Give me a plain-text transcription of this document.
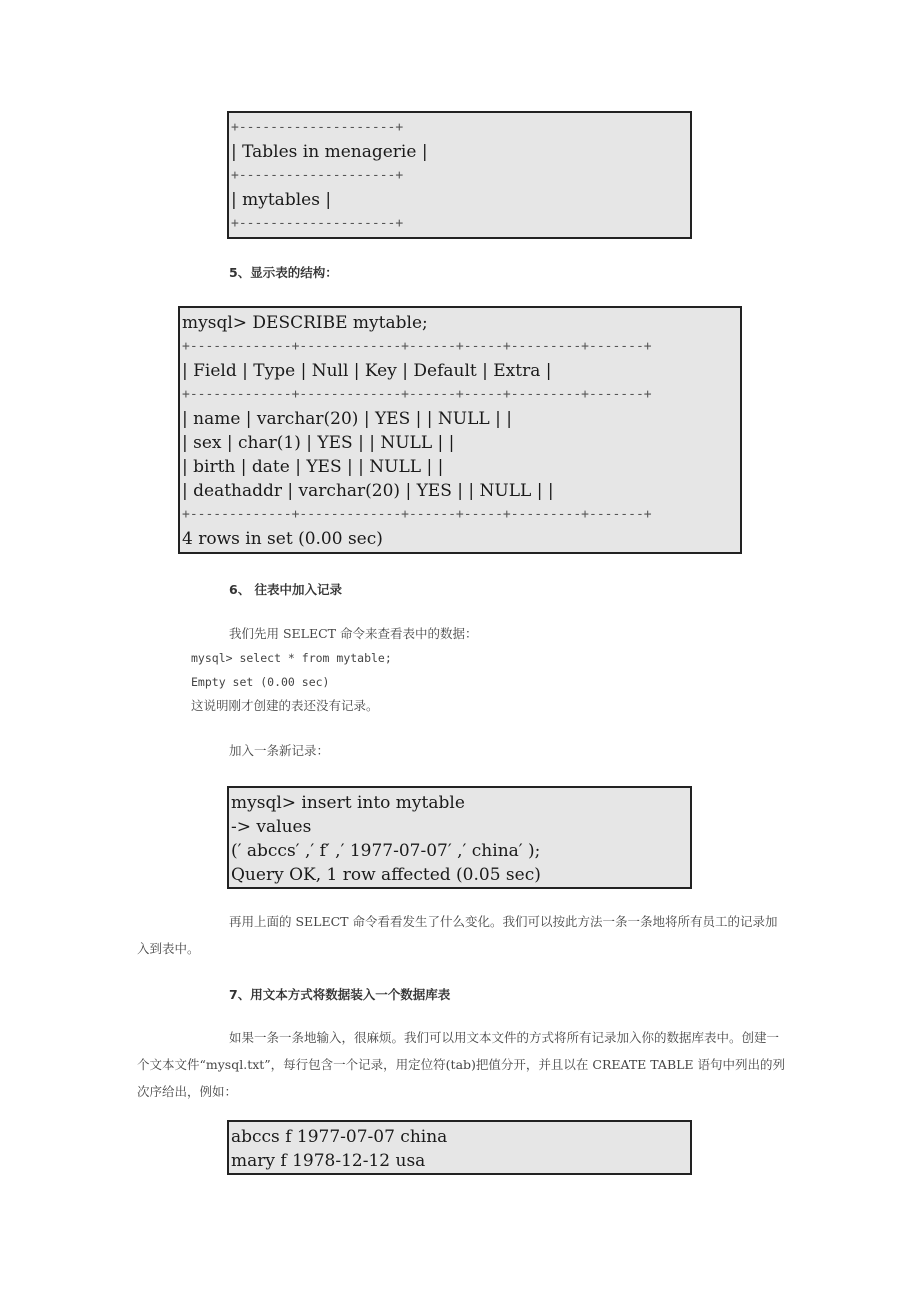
+--------------------+
| Tables in menagerie |
+--------------------+
| mytables |
+--------------------+
5、显示表的结构：
mysql> DESCRIBE mytable;
+-------------+-------------+------+-----+---------+-------+
| Field | Type | Null | Key | Default | Extra |
+-------------+-------------+------+-----+---------+-------+
| name | varchar(20) | YES | | NULL | |
| sex | char(1) | YES | | NULL | |
| birth | date | YES | | NULL | |
| deathaddr | varchar(20) | YES | | NULL | |
+-------------+-------------+------+-----+---------+-------+
4 rows in set (0.00 sec)
6、 往表中加入记录
我们先用 SELECT 命令来查看表中的数据：
mysql> select * from mytable;
Empty set (0.00 sec)
这说明刚才创建的表还没有记录。
加入一条新记录：
mysql> insert into mytable
-> values
(′ abccs′ ,′ f′ ,′ 1977-07-07′ ,′ china′ );
Query OK, 1 row affected (0.05 sec)
再用上面的 SELECT 命令看看发生了什么变化。我们可以按此方法一条一条地将所有员工的记录加入到表中。
7、用文本方式将数据装入一个数据库表
如果一条一条地输入，很麻烦。我们可以用文本文件的方式将所有记录加入你的数据库表中。创建一个文本文件“mysql.txt”，每行包含一个记录，用定位符(tab)把值分开，并且以在 CREATE TABLE 语句中列出的列次序给出，例如：
abccs f 1977-07-07 china
mary f 1978-12-12 usa
